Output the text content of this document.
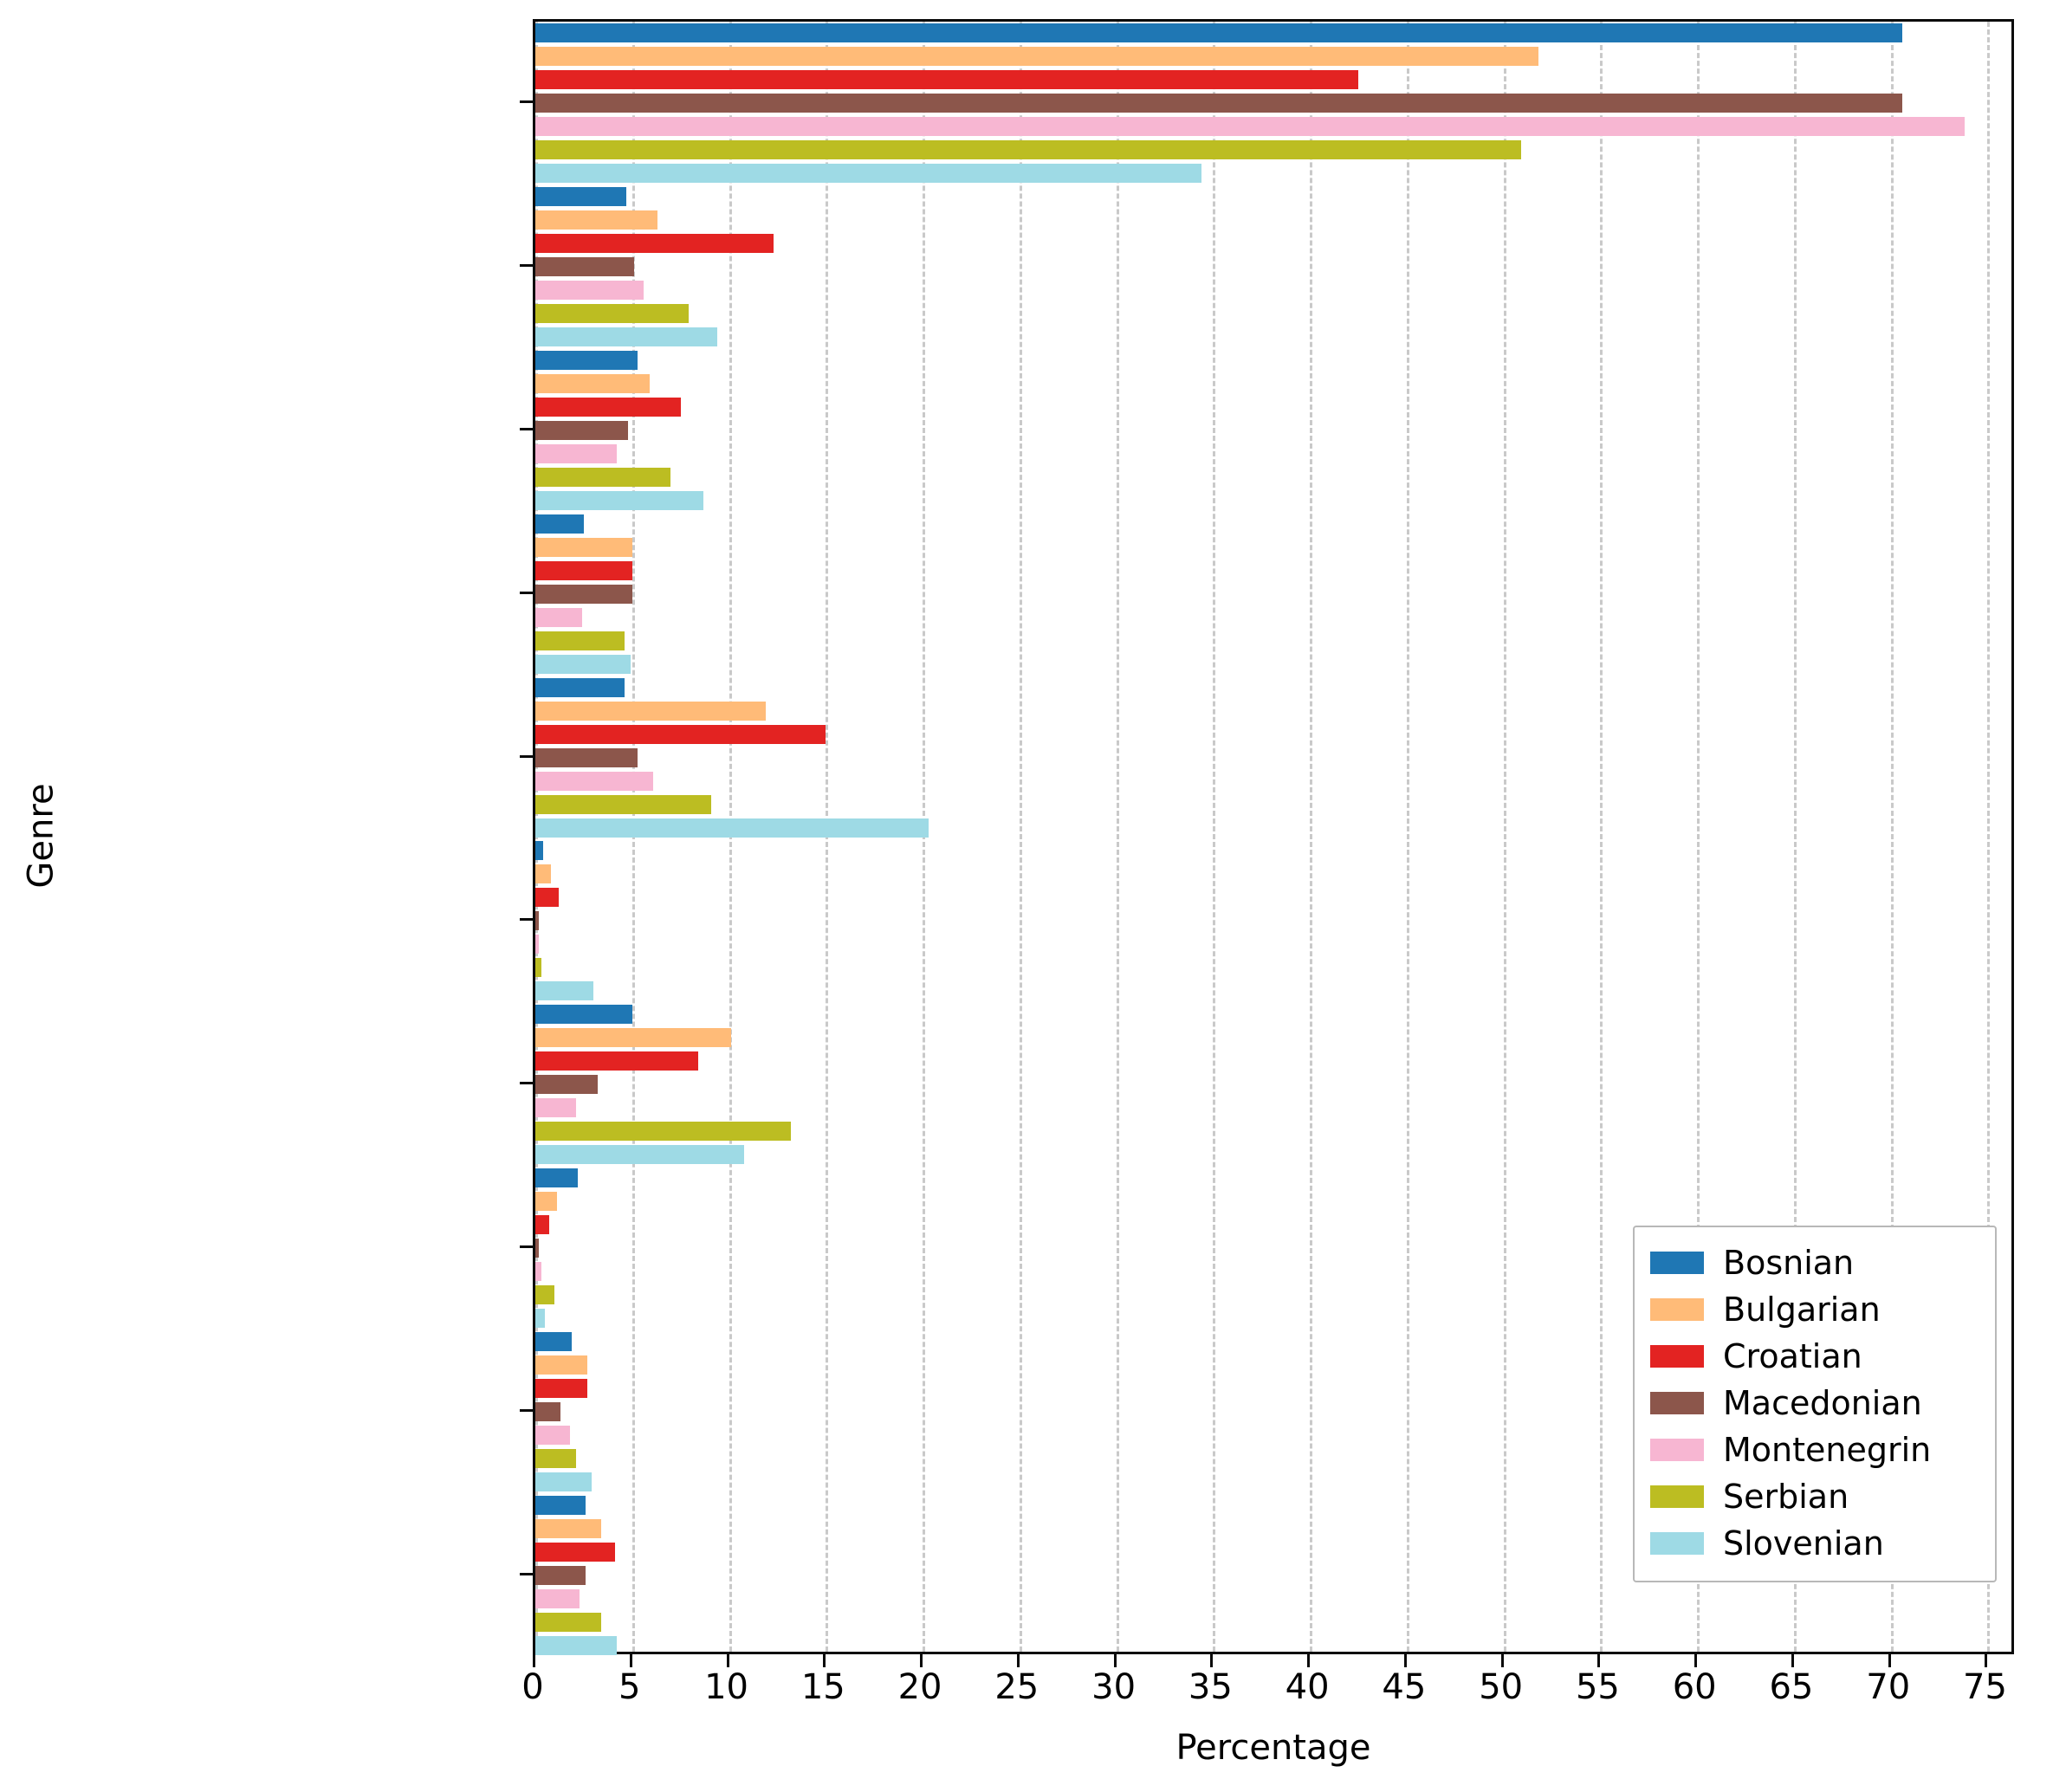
Genre
Percentage
0 5 10 15 20 25 30 35 40 45 50 55 60 65 70 75
Bosnian
Bulgarian
Croatian
Macedonian
Montenegrin
Serbian
Slovenian
